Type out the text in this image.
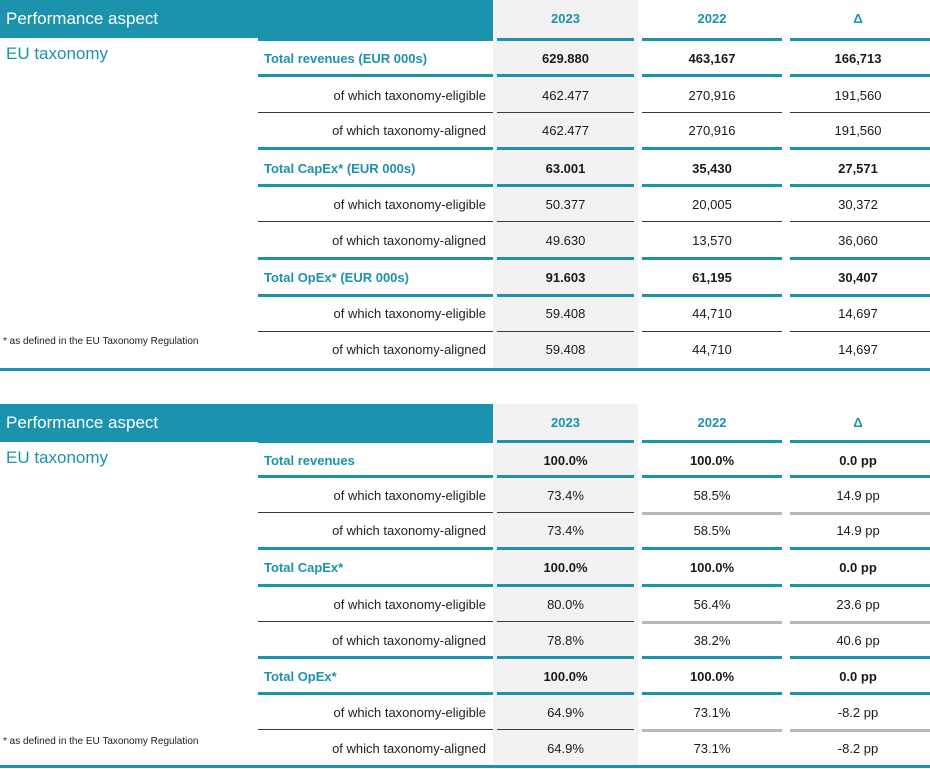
Performance aspect	2023	2022	Δ
EU taxonomy
* as defined in the EU Taxonomy Regulation
Total revenues (EUR 000s)	629.880	463,167	166,713
of which taxonomy-eligible	462.477	270,916	191,560
of which taxonomy-aligned	462.477	270,916	191,560
Total CapEx* (EUR 000s)	63.001	35,430	27,571
of which taxonomy-eligible	50.377	20,005	30,372
of which taxonomy-aligned	49.630	13,570	36,060
Total OpEx* (EUR 000s)	91.603	61,195	30,407
of which taxonomy-eligible	59.408	44,710	14,697
of which taxonomy-aligned	59.408	44,710	14,697
Performance aspect	2023	2022	Δ
EU taxonomy
* as defined in the EU Taxonomy Regulation
Total revenues	100.0%	100.0%	0.0 pp
of which taxonomy-eligible	73.4%	58.5%	14.9 pp
of which taxonomy-aligned	73.4%	58.5%	14.9 pp
Total CapEx*	100.0%	100.0%	0.0 pp
of which taxonomy-eligible	80.0%	56.4%	23.6 pp
of which taxonomy-aligned	78.8%	38.2%	40.6 pp
Total OpEx*	100.0%	100.0%	0.0 pp
of which taxonomy-eligible	64.9%	73.1%	-8.2 pp
of which taxonomy-aligned	64.9%	73.1%	-8.2 pp
